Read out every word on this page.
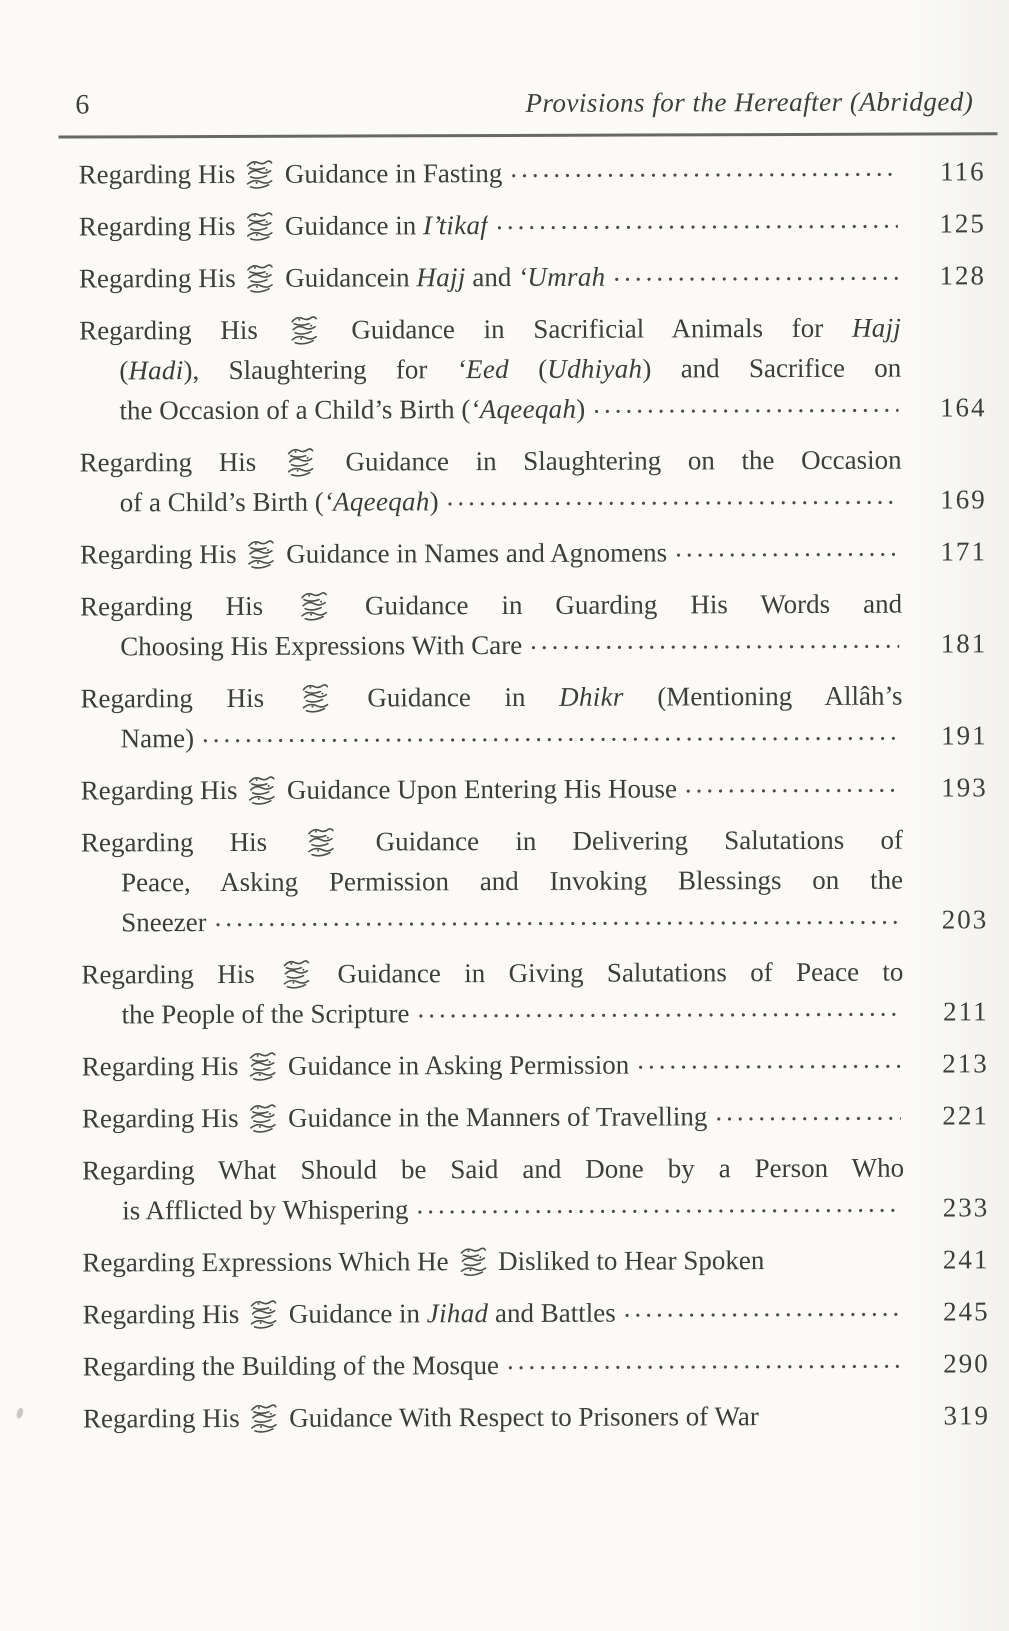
6	Provisions for the Hereafter (Abridged)
Regarding His
Guidance in Fasting .....	116
Regarding His
Guidance in I’tikaf .....	125
Regarding His
Guidancein Hajj and ‘Umrah .....	128
Regarding His
Guidance in Sacrificial Animals for Hajj
(Hadi), Slaughtering for ‘Eed (Udhiyah) and Sacrifice on
the Occasion of a Child’s Birth (‘Aqeeqah) .....	164
Regarding His
Guidance in Slaughtering on the Occasion
of a Child’s Birth (‘Aqeeqah) .....	169
Regarding His
Guidance in Names and Agnomens .....	171
Regarding His
Guidance in Guarding His Words and
Choosing His Expressions With Care .....	181
Regarding His
Guidance in Dhikr (Mentioning Allâh’s
Name) .....	191
Regarding His
Guidance Upon Entering His House .....	193
Regarding His
Guidance in Delivering Salutations of
Peace, Asking Permission and Invoking Blessings on the
Sneezer .....	203
Regarding His
Guidance in Giving Salutations of Peace to
the People of the Scripture .....	211
Regarding His
Guidance in Asking Permission .....	213
Regarding His
Guidance in the Manners of Travelling .....	221
Regarding What Should be Said and Done by a Person Who
is Afflicted by Whispering .....	233
Regarding Expressions Which He
Disliked to Hear Spoken	241
Regarding His
Guidance in Jihad and Battles .....	245
Regarding the Building of the Mosque .....	290
Regarding His
Guidance With Respect to Prisoners of War	319
